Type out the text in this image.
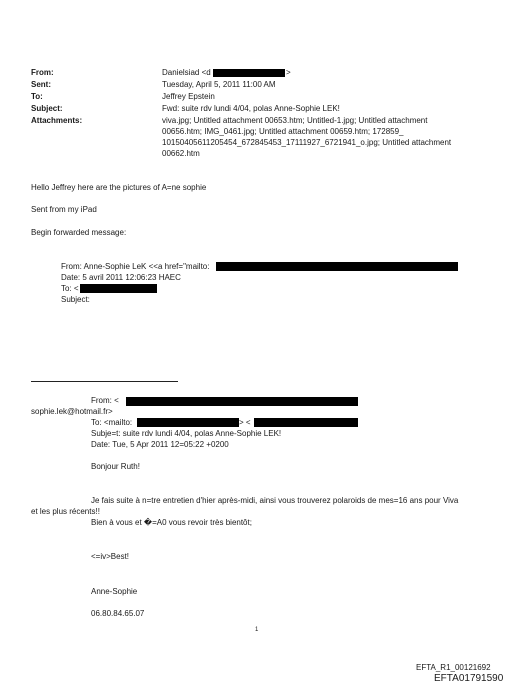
From:
Sent:
To:
Subject:
Attachments:
Danielsiad <d	>
Tuesday, April 5, 2011 11:00 AM
Jeffrey Epstein
Fwd: suite rdv lundi 4/04, polas Anne-Sophie LEK!
viva.jpg; Untitled attachment 00653.htm; Untitled-1.jpg; Untitled attachment
00656.htm; IMG_0461.jpg; Untitled attachment 00659.htm; 172859_
10150405611205454_672845453_17111927_6721941_o.jpg; Untitled attachment
00662.htm
Hello Jeffrey here are the pictures of A=ne sophie
Sent from my iPad
Begin forwarded message:
From: Anne-Sophie LeK <<a href="mailto:
Date: 5 avril 2011 12:06:23 HAEC
To: <
Subject:
From: <
sophie.lek@hotmail.fr>
To: <mailto:	> <
Subje=t: suite rdv lundi 4/04, polas Anne-Sophie LEK!
Date: Tue, 5 Apr 2011 12=05:22 +0200
Bonjour Ruth!
Je fais suite à n=tre entretien d'hier après-midi, ainsi vous trouverez polaroids de mes=16 ans pour Viva
et les plus récents!!
Bien à vous et �=A0 vous revoir très bientôt;
<=iv>Best!
Anne-Sophie
06.80.84.65.07
1
EFTA_R1_00121692
EFTA01791590
